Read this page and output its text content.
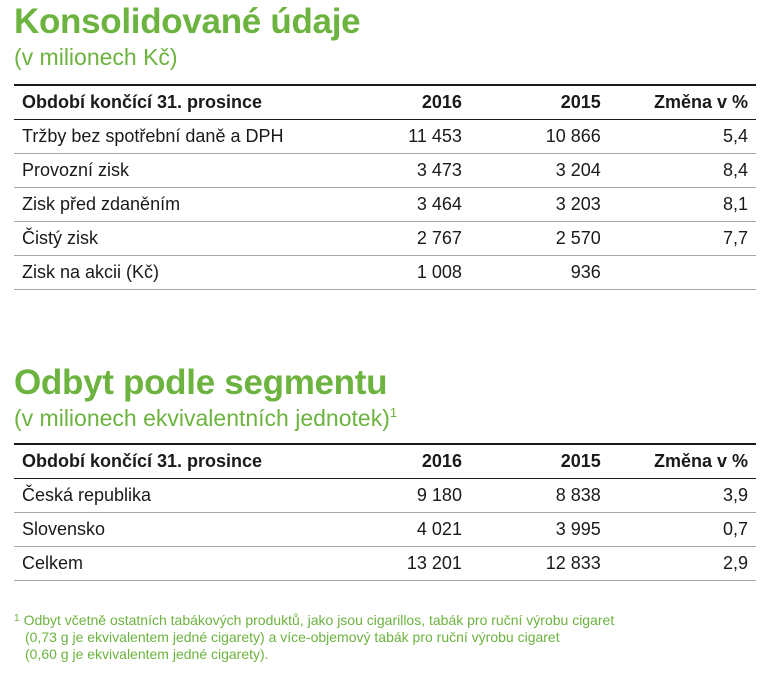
Konsolidované údaje

(v milionech Kč)

Období končící 31. prosince	2016	2015	Změna v %
Tržby bez spotřební daně a DPH	11 453	10 866	5,4
Provozní zisk	3 473	3 204	8,4
Zisk před zdaněním	3 464	3 203	8,1
Čistý zisk	2 767	2 570	7,7
Zisk na akcii (Kč)	1 008	936	
Odbyt podle segmentu

(v milionech ekvivalentních jednotek)$^1$

Období končící 31. prosince	2016	2015	Změna v %
Česká republika	9 180	8 838	3,9
Slovensko	4 021	3 995	0,7
Celkem	13 201	12 833	2,9
$^1$ Odbyt včetně ostatních tabákových produktů, jako jsou cigarillos, tabák pro ruční výrobu cigaret
(0,73 g je ekvivalentem jedné cigarety) a více-objemový tabák pro ruční výrobu cigaret
(0,60 g je ekvivalentem jedné cigarety).
